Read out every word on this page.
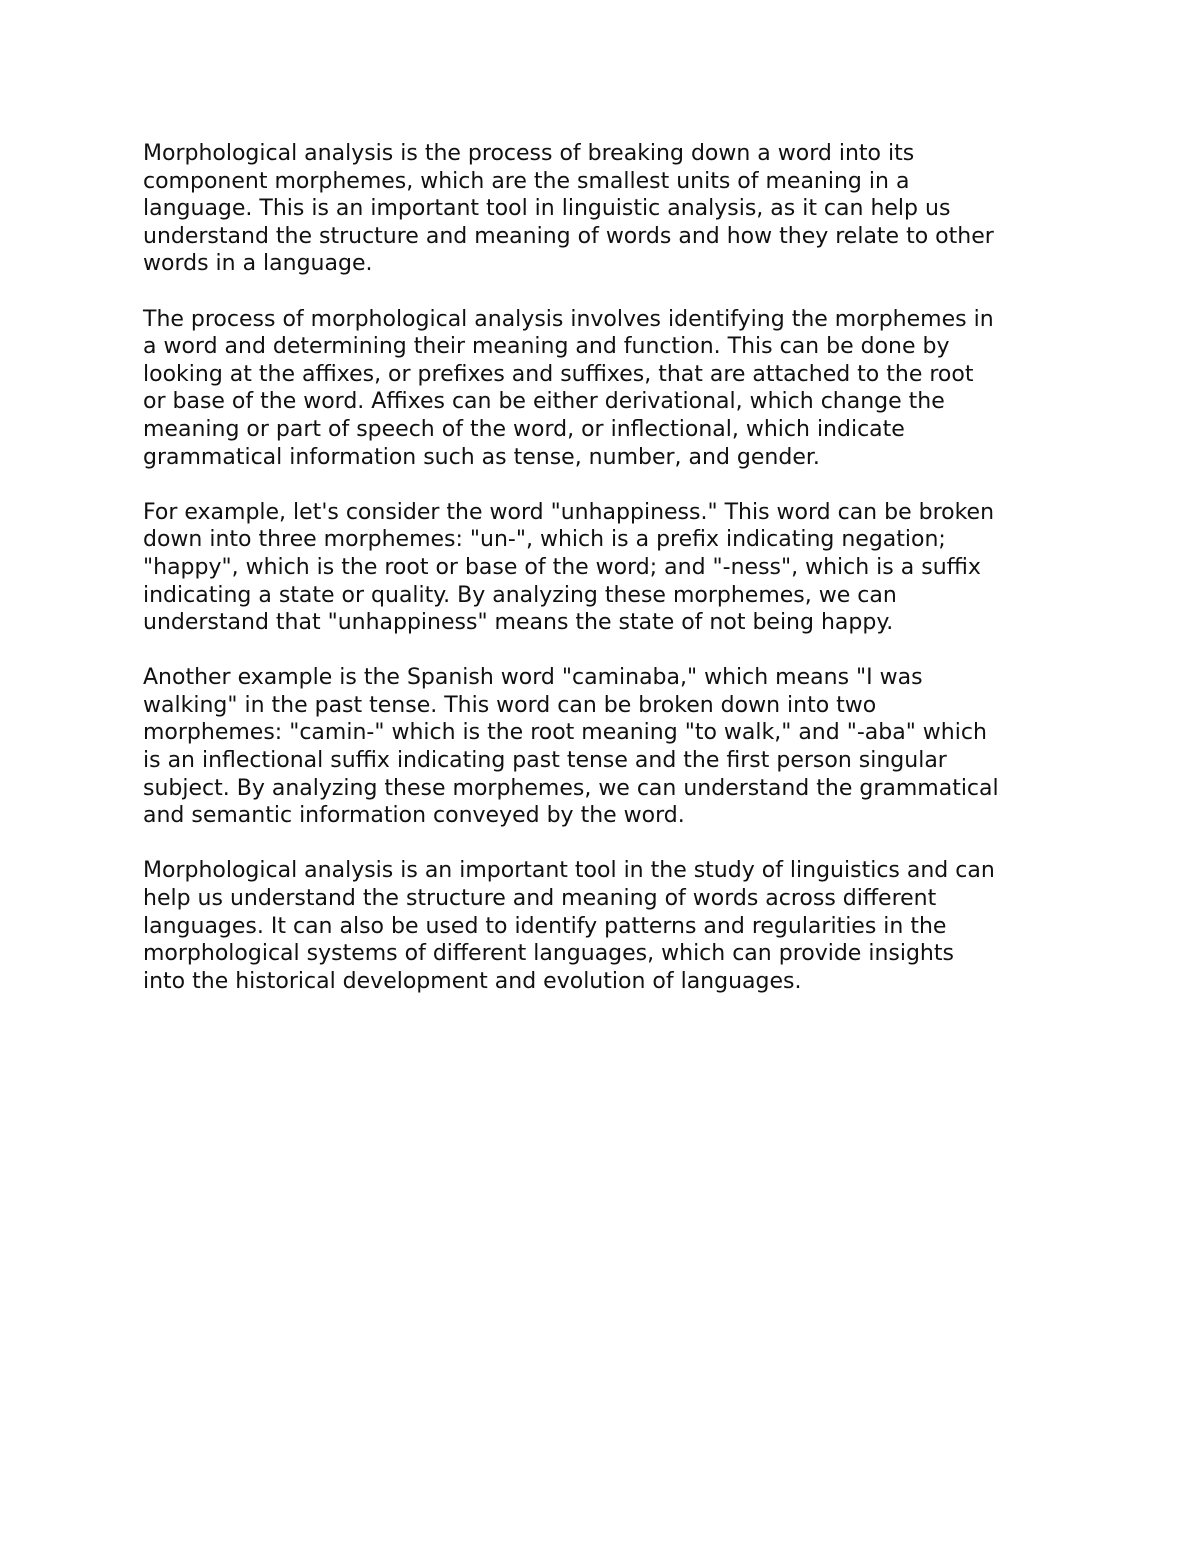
Morphological analysis is the process of breaking down a word into its
component morphemes, which are the smallest units of meaning in a
language. This is an important tool in linguistic analysis, as it can help us
understand the structure and meaning of words and how they relate to other
words in a language.

The process of morphological analysis involves identifying the morphemes in
a word and determining their meaning and function. This can be done by
looking at the affixes, or prefixes and suffixes, that are attached to the root
or base of the word. Affixes can be either derivational, which change the
meaning or part of speech of the word, or inflectional, which indicate
grammatical information such as tense, number, and gender.

For example, let's consider the word "unhappiness." This word can be broken
down into three morphemes: "un-", which is a prefix indicating negation;
"happy", which is the root or base of the word; and "-ness", which is a suffix
indicating a state or quality. By analyzing these morphemes, we can
understand that "unhappiness" means the state of not being happy.

Another example is the Spanish word "caminaba," which means "I was
walking" in the past tense. This word can be broken down into two
morphemes: "camin-" which is the root meaning "to walk," and "-aba" which
is an inflectional suffix indicating past tense and the first person singular
subject. By analyzing these morphemes, we can understand the grammatical
and semantic information conveyed by the word.

Morphological analysis is an important tool in the study of linguistics and can
help us understand the structure and meaning of words across different
languages. It can also be used to identify patterns and regularities in the
morphological systems of different languages, which can provide insights
into the historical development and evolution of languages.
